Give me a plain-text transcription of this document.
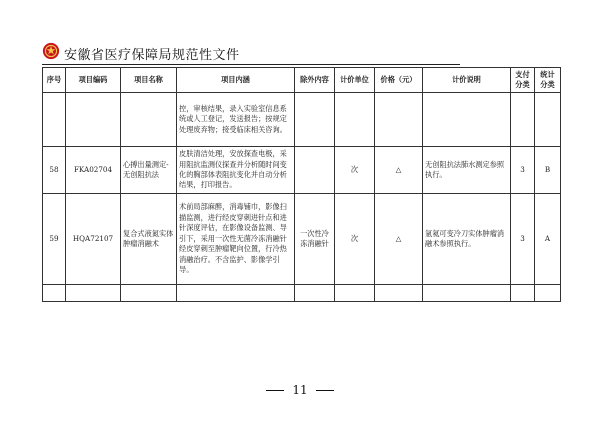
安徽省医疗保障局规范性文件
序号	项目编码	项目名称	项目内涵	除外内容	计价单位	价格（元）	计价说明	支付分类	统计分类
			控，审核结果，录入实验室信息系统或人工登记，发送报告；按规定处理废弃物；接受临床相关咨询。						
58	FKA02704	心搏出量测定-无创阻抗法	皮肤清洁处理，安放探查电极，采用阻抗监测仪探查并分析随时间变化的胸部体表阻抗变化并自动分析结果，打印报告。		次	△	无创阻抗法肺水测定参照执行。	3	B
59	HQA72107	复合式液氮实体肿瘤消融术	术前局部麻醉，消毒铺巾，影像扫描监测，进行经皮穿刺进针点和进针深度评估，在影像设备监测、导引下，采用一次性无菌冷冻消融针经皮穿刺至肿瘤靶向位置，行冷热消融治疗。不含监护、影像学引导。	一次性冷冻消融针	次	△	氩氦可变冷刀实体肿瘤消融术参照执行。	3	A

11
